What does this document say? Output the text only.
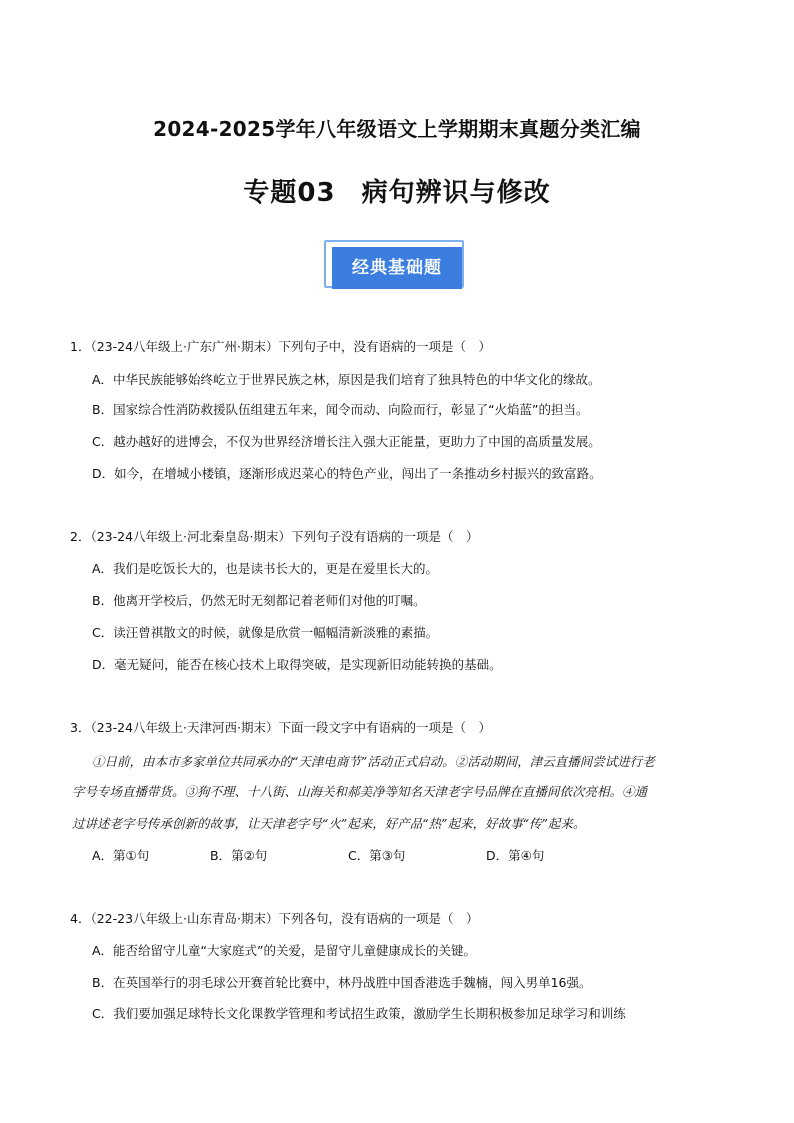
2024-2025学年八年级语文上学期期末真题分类汇编
专题03 病句辨识与修改
经典基础题
1．（23-24八年级上·广东广州·期末）下列句子中，没有语病的一项是（　）
A．中华民族能够始终屹立于世界民族之林，原因是我们培育了独具特色的中华文化的缘故。
B．国家综合性消防救援队伍组建五年来，闻令而动、向险而行，彰显了“火焰蓝”的担当。
C．越办越好的进博会，不仅为世界经济增长注入强大正能量，更助力了中国的高质量发展。
D．如今，在增城小楼镇，逐渐形成迟菜心的特色产业，闯出了一条推动乡村振兴的致富路。
2．（23-24八年级上·河北秦皇岛·期末）下列句子没有语病的一项是（　）
A．我们是吃饭长大的，也是读书长大的，更是在爱里长大的。
B．他离开学校后，仍然无时无刻都记着老师们对他的叮嘱。
C．读汪曾祺散文的时候，就像是欣赏一幅幅清新淡雅的素描。
D．毫无疑问，能否在核心技术上取得突破，是实现新旧动能转换的基础。
3．（23-24八年级上·天津河西·期末）下面一段文字中有语病的一项是（　）
①日前，由本市多家单位共同承办的“天津电商节”活动正式启动。②活动期间，津云直播间尝试进行老
字号专场直播带货。③狗不理、十八街、山海关和郝美净等知名天津老字号品牌在直播间依次亮相。④通
过讲述老字号传承创新的故事，让天津老字号“火”起来，好产品“热”起来，好故事“传”起来。
A．第①句	B．第②句	C．第③句	D．第④句
4．（22-23八年级上·山东青岛·期末）下列各句，没有语病的一项是（　）
A．能否给留守儿童“大家庭式”的关爱，是留守儿童健康成长的关键。
B．在英国举行的羽毛球公开赛首轮比赛中，林丹战胜中国香港选手魏楠，闯入男单16强。
C．我们要加强足球特长文化课教学管理和考试招生政策，激励学生长期积极参加足球学习和训练
